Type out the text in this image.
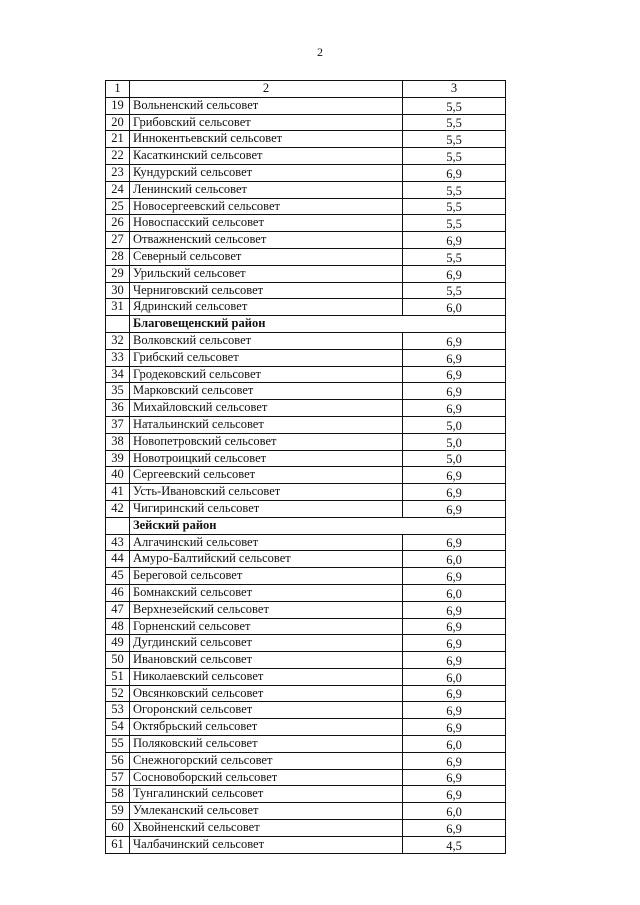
2
1	2	3
19	Вольненский сельсовет	5,5
20	Грибовский сельсовет	5,5
21	Иннокентьевский сельсовет	5,5
22	Касаткинский сельсовет	5,5
23	Кундурский сельсовет	6,9
24	Ленинский сельсовет	5,5
25	Новосергеевский сельсовет	5,5
26	Новоспасский сельсовет	5,5
27	Отважненский сельсовет	6,9
28	Северный сельсовет	5,5
29	Урильский сельсовет	6,9
30	Черниговский сельсовет	5,5
31	Ядринский сельсовет	6,0
	Благовещенский район	
32	Волковский сельсовет	6,9
33	Грибский сельсовет	6,9
34	Гродековский сельсовет	6,9
35	Марковский сельсовет	6,9
36	Михайловский сельсовет	6,9
37	Натальинский сельсовет	5,0
38	Новопетровский сельсовет	5,0
39	Новотроицкий сельсовет	5,0
40	Сергеевский сельсовет	6,9
41	Усть-Ивановский сельсовет	6,9
42	Чигиринский сельсовет	6,9
	Зейский район	
43	Алгачинский сельсовет	6,9
44	Амуро-Балтийский сельсовет	6,0
45	Береговой сельсовет	6,9
46	Бомнакский сельсовет	6,0
47	Верхнезейский сельсовет	6,9
48	Горненский сельсовет	6,9
49	Дугдинский сельсовет	6,9
50	Ивановский сельсовет	6,9
51	Николаевский сельсовет	6,0
52	Овсянковский сельсовет	6,9
53	Огоронский сельсовет	6,9
54	Октябрьский сельсовет	6,9
55	Поляковский сельсовет	6,0
56	Снежногорский сельсовет	6,9
57	Сосновоборский сельсовет	6,9
58	Тунгалинский сельсовет	6,9
59	Умлеканский сельсовет	6,0
60	Хвойненский сельсовет	6,9
61	Чалбачинский сельсовет	4,5
